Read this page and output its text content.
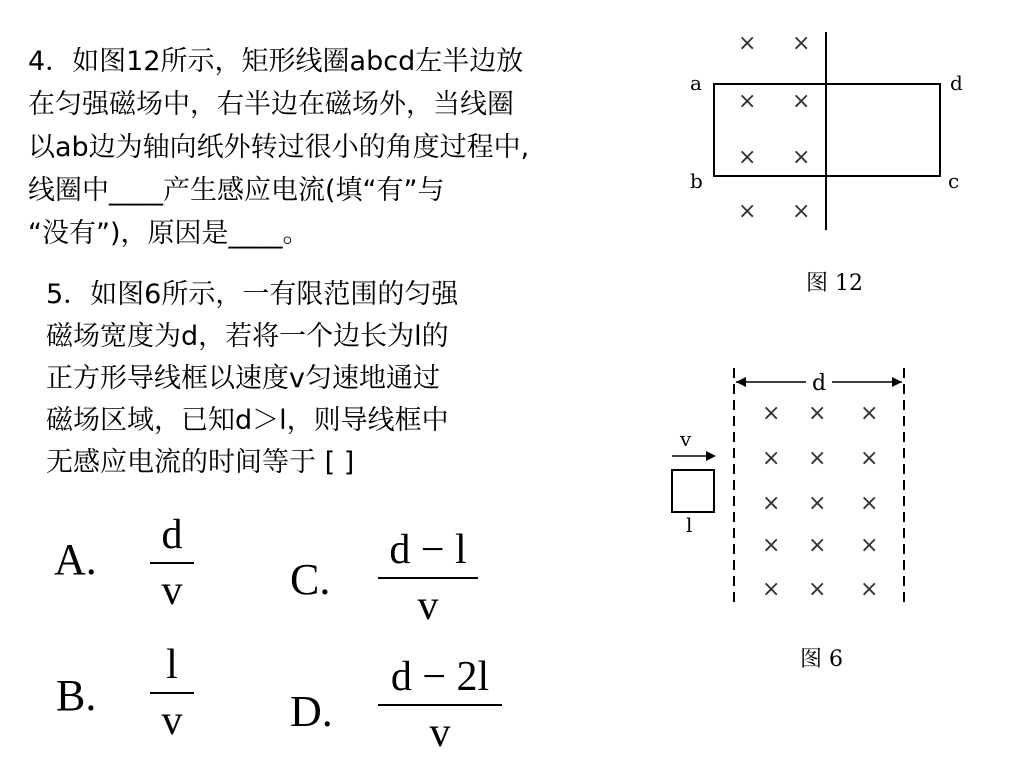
4．如图12所示，矩形线圈abcd左半边放
在匀强磁场中，右半边在磁场外，当线圈
以ab边为轴向纸外转过很小的角度过程中,
线圈中____产生感应电流(填“有”与
“没有”)，原因是____。
× ×
× ×
× ×
× ×
a
b	c
d
图 12
5．如图6所示，一有限范围的匀强
磁场宽度为d，若将一个边长为l的
正方形导线框以速度v匀速地通过
磁场区域，已知d＞l，则导线框中
无感应电流的时间等于 [ ]
d
× × ×
× × ×
× × ×
× × ×
× × ×
v
l
图 6
A. d
v C.
d − l
v
B.
l
v D.
d − 2l
v
